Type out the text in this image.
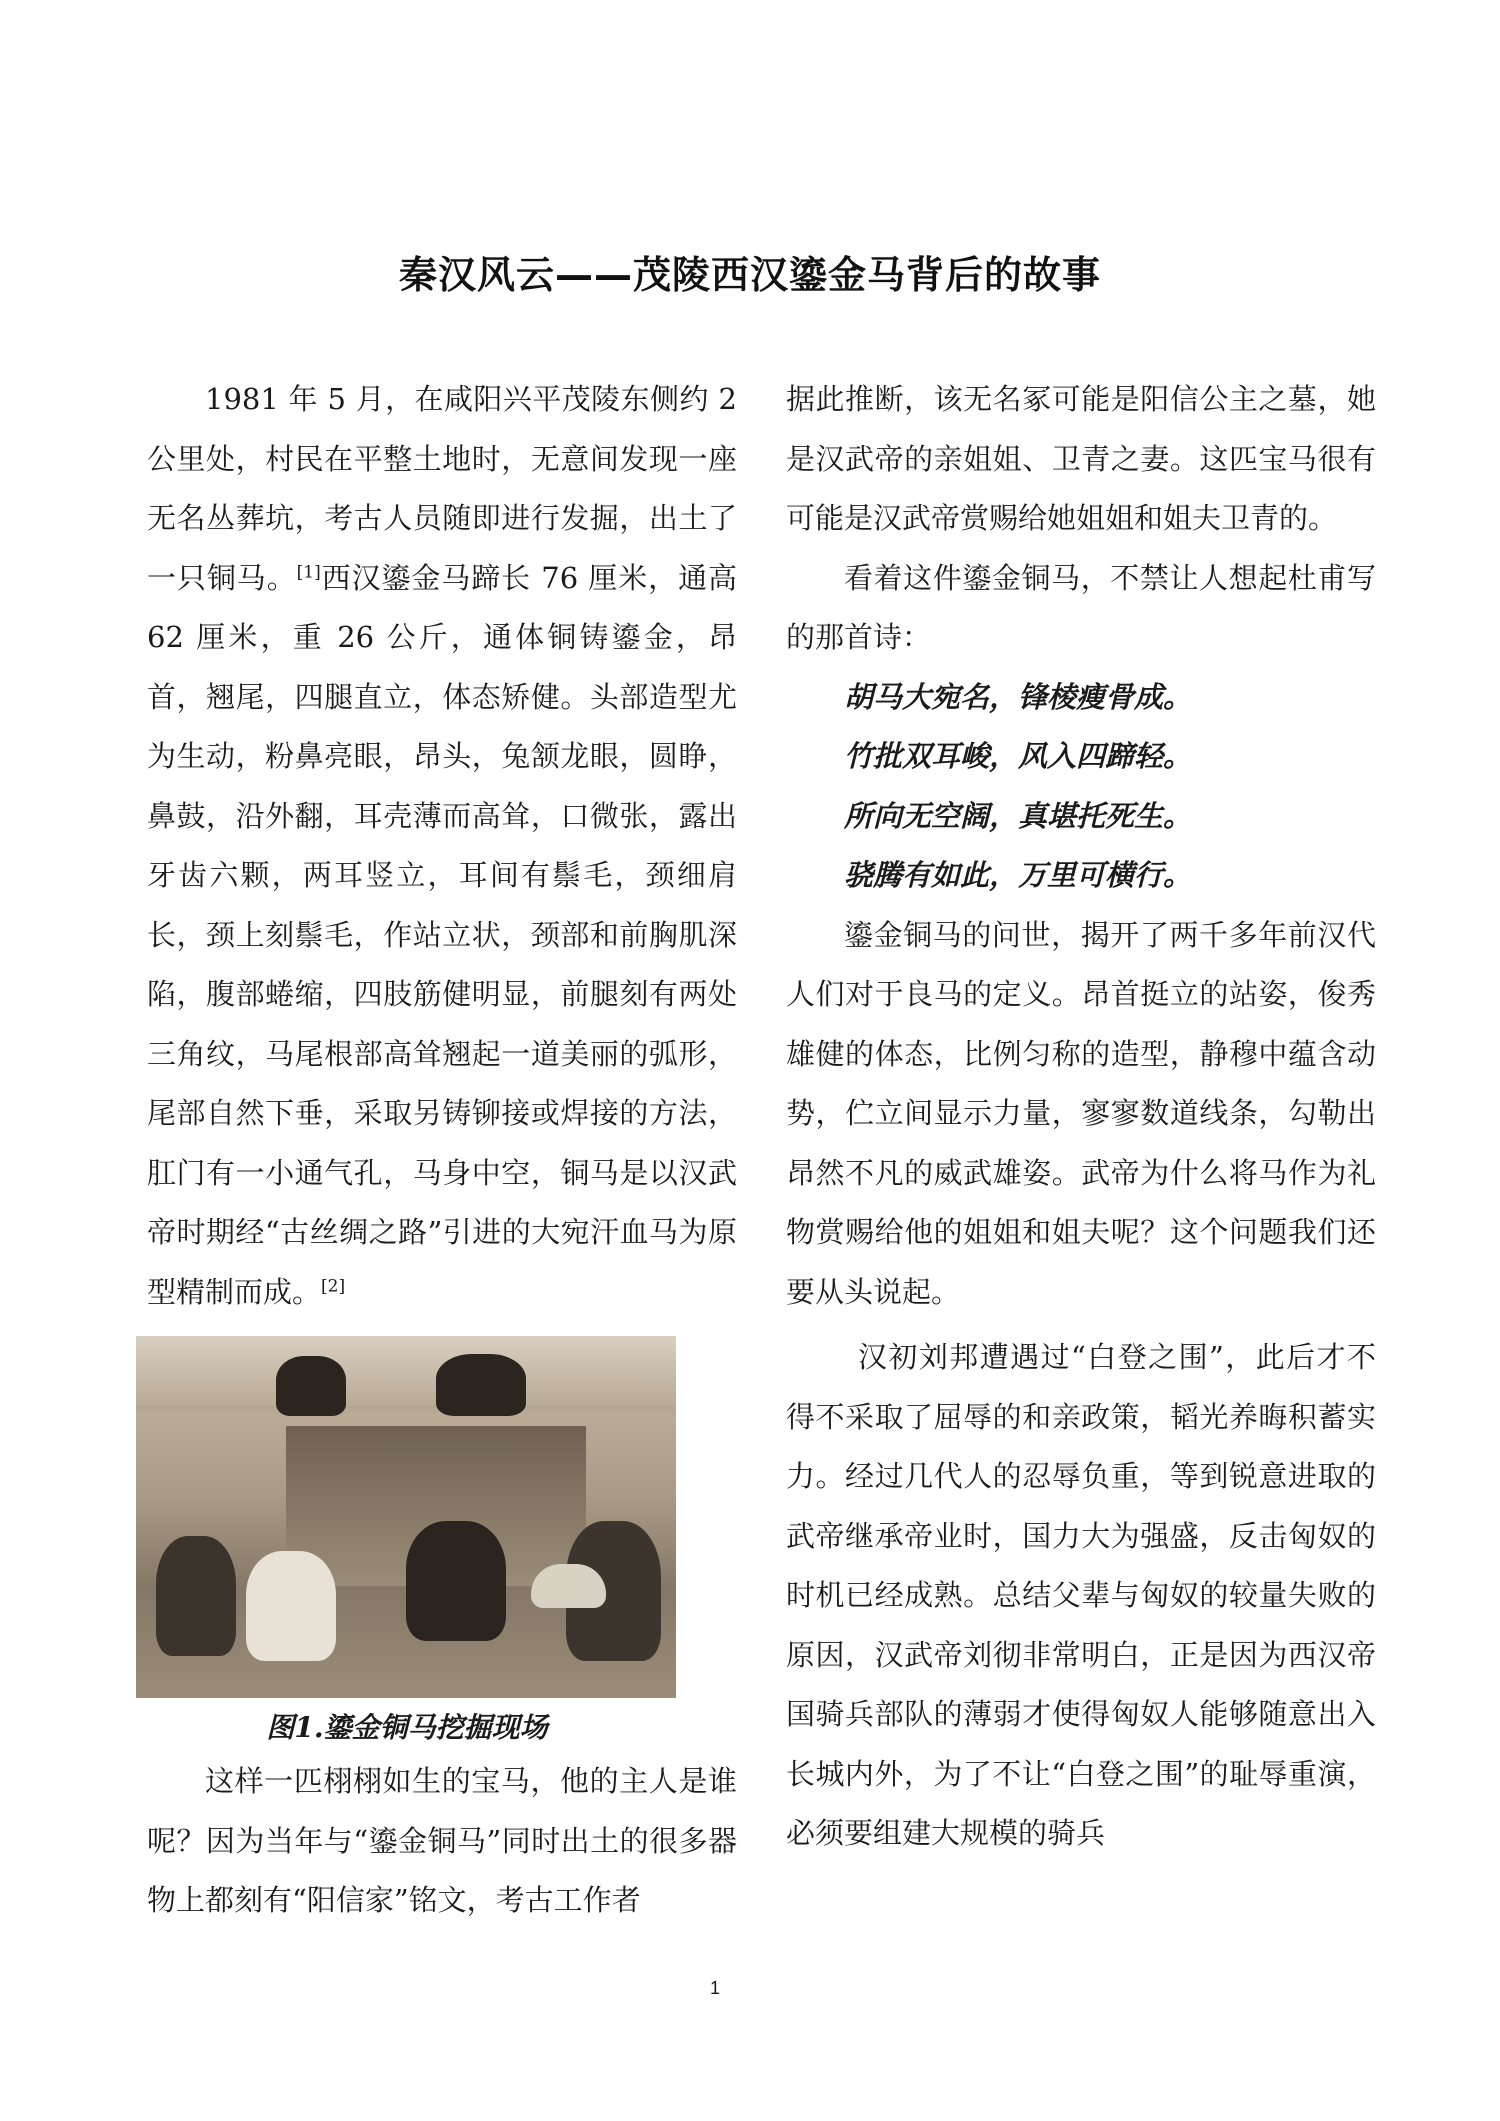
秦汉风云——茂陵西汉鎏金马背后的故事

1981 年 5 月，在咸阳兴平茂陵东侧约 2 公里处，村民在平整土地时，无意间发现一座无名丛葬坑，考古人员随即进行发掘，出土了一只铜马。[1]西汉鎏金马蹄长 76 厘米，通高 62 厘米，重 26 公斤，通体铜铸鎏金，昂首，翘尾，四腿直立，体态矫健。头部造型尤为生动，粉鼻亮眼，昂头，兔颔龙眼，圆睁，鼻鼓，沿外翻，耳壳薄而高耸，口微张，露出牙齿六颗，两耳竖立，耳间有鬃毛，颈细肩长，颈上刻鬃毛，作站立状，颈部和前胸肌深陷，腹部蜷缩，四肢筋健明显，前腿刻有两处三角纹，马尾根部高耸翘起一道美丽的弧形，尾部自然下垂，采取另铸铆接或焊接的方法，肛门有一小通气孔，马身中空，铜马是以汉武帝时期经“古丝绸之路”引进的大宛汗血马为原型精制而成。[2]

图1.鎏金铜马挖掘现场

这样一匹栩栩如生的宝马，他的主人是谁呢？因为当年与“鎏金铜马”同时出土的很多器物上都刻有“阳信家”铭文，考古工作者

据此推断，该无名冢可能是阳信公主之墓，她是汉武帝的亲姐姐、卫青之妻。这匹宝马很有可能是汉武帝赏赐给她姐姐和姐夫卫青的。

看着这件鎏金铜马，不禁让人想起杜甫写的那首诗：

胡马大宛名，锋棱瘦骨成。
竹批双耳峻，风入四蹄轻。
所向无空阔，真堪托死生。
骁腾有如此，万里可横行。

鎏金铜马的问世，揭开了两千多年前汉代人们对于良马的定义。昂首挺立的站姿，俊秀雄健的体态，比例匀称的造型，静穆中蕴含动势，伫立间显示力量，寥寥数道线条，勾勒出昂然不凡的威武雄姿。武帝为什么将马作为礼物赏赐给他的姐姐和姐夫呢？这个问题我们还要从头说起。

汉初刘邦遭遇过“白登之围”，此后才不得不采取了屈辱的和亲政策，韬光养晦积蓄实力。经过几代人的忍辱负重，等到锐意进取的武帝继承帝业时，国力大为强盛，反击匈奴的时机已经成熟。总结父辈与匈奴的较量失败的原因，汉武帝刘彻非常明白，正是因为西汉帝国骑兵部队的薄弱才使得匈奴人能够随意出入长城内外，为了不让“白登之围”的耻辱重演，必须要组建大规模的骑兵

1
